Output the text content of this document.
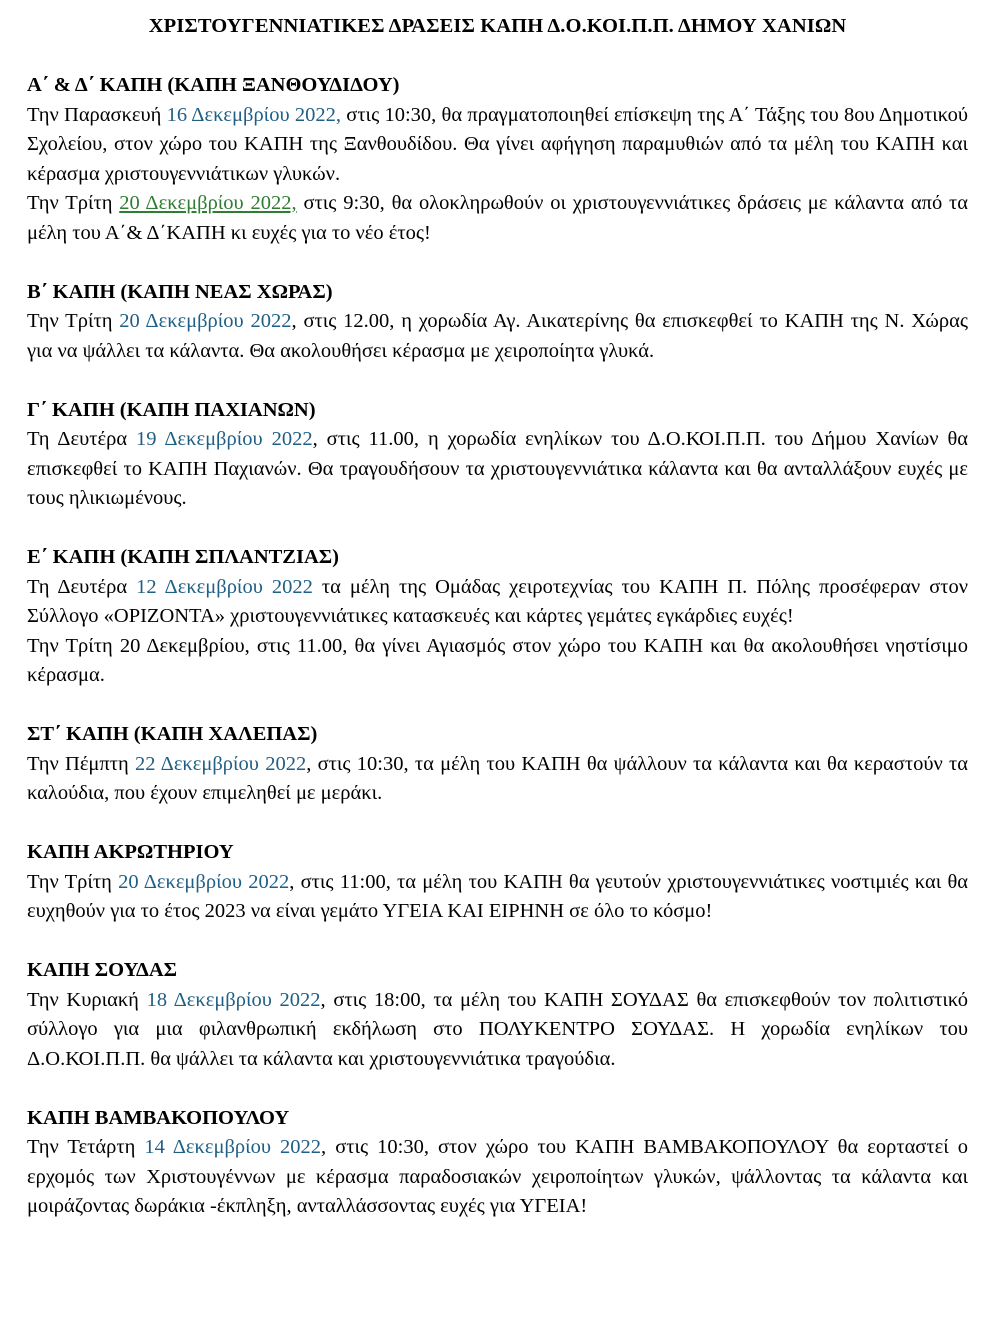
ΧΡΙΣΤΟΥΓΕΝΝΙΑΤΙΚΕΣ ΔΡΑΣΕΙΣ ΚΑΠΗ Δ.Ο.ΚΟΙ.Π.Π. ΔΗΜΟΥ ΧΑΝΙΩΝ
Α΄ & Δ΄ ΚΑΠΗ (ΚΑΠΗ ΞΑΝΘΟΥΔΙΔΟΥ)

Την Παρασκευή 16 Δεκεμβρίου 2022, στις 10:30, θα πραγματοποιηθεί επίσκεψη της Α΄ Τάξης του 8ου Δημοτικού Σχολείου, στον χώρο του ΚΑΠΗ της Ξανθουδίδου. Θα γίνει αφήγηση παραμυθιών από τα μέλη του ΚΑΠΗ και κέρασμα χριστουγεννιάτικων γλυκών.

Την Τρίτη 20 Δεκεμβρίου 2022, στις 9:30, θα ολοκληρωθούν οι χριστουγεννιάτικες δράσεις με κάλαντα από τα μέλη του Α΄& Δ΄ΚΑΠΗ κι ευχές για το νέο έτος!

Β΄ ΚΑΠΗ (ΚΑΠΗ ΝΕΑΣ ΧΩΡΑΣ)

Την Τρίτη 20 Δεκεμβρίου 2022, στις 12.00, η χορωδία Αγ. Αικατερίνης θα επισκεφθεί το ΚΑΠΗ της Ν. Χώρας για να ψάλλει τα κάλαντα. Θα ακολουθήσει κέρασμα με χειροποίητα γλυκά.

Γ΄ ΚΑΠΗ (ΚΑΠΗ ΠΑΧΙΑΝΩΝ)

Τη Δευτέρα 19 Δεκεμβρίου 2022, στις 11.00, η χορωδία ενηλίκων του Δ.Ο.ΚΟΙ.Π.Π. του Δήμου Χανίων θα επισκεφθεί το ΚΑΠΗ Παχιανών. Θα τραγουδήσουν τα χριστουγεννιάτικα κάλαντα και θα ανταλλάξουν ευχές με τους ηλικιωμένους.

Ε΄ ΚΑΠΗ (ΚΑΠΗ ΣΠΛΑΝΤΖΙΑΣ)

Τη Δευτέρα 12 Δεκεμβρίου 2022 τα μέλη της Ομάδας χειροτεχνίας του ΚΑΠΗ Π. Πόλης προσέφεραν στον Σύλλογο «ΟΡΙΖΟΝΤΑ» χριστουγεννιάτικες κατασκευές και κάρτες γεμάτες εγκάρδιες ευχές!

Την Τρίτη 20 Δεκεμβρίου, στις 11.00, θα γίνει Αγιασμός στον χώρο του ΚΑΠΗ και θα ακολουθήσει νηστίσιμο κέρασμα.

ΣΤ΄ ΚΑΠΗ (ΚΑΠΗ ΧΑΛΕΠΑΣ)

Την Πέμπτη 22 Δεκεμβρίου 2022, στις 10:30, τα μέλη του ΚΑΠΗ θα ψάλλουν τα κάλαντα και θα κεραστούν τα καλούδια, που έχουν επιμεληθεί με μεράκι.

ΚΑΠΗ ΑΚΡΩΤΗΡΙΟΥ

Την Τρίτη 20 Δεκεμβρίου 2022, στις 11:00, τα μέλη του ΚΑΠΗ θα γευτούν χριστουγεννιάτικες νοστιμιές και θα ευχηθούν για το έτος 2023 να είναι γεμάτο ΥΓΕΙΑ ΚΑΙ ΕΙΡΗΝΗ σε όλο το κόσμο!

ΚΑΠΗ ΣΟΥΔΑΣ

Την Κυριακή 18 Δεκεμβρίου 2022, στις 18:00, τα μέλη του ΚΑΠΗ ΣΟΥΔΑΣ θα επισκεφθούν τον πολιτιστικό σύλλογο για μια φιλανθρωπική εκδήλωση στο ΠΟΛΥΚΕΝΤΡΟ ΣΟΥΔΑΣ. Η χορωδία ενηλίκων του Δ.Ο.ΚΟΙ.Π.Π. θα ψάλλει τα κάλαντα και χριστουγεννιάτικα τραγούδια.

ΚΑΠΗ ΒΑΜΒΑΚΟΠΟΥΛΟΥ

Την Τετάρτη 14 Δεκεμβρίου 2022, στις 10:30, στον χώρο του ΚΑΠΗ ΒΑΜΒΑΚΟΠΟΥΛΟΥ θα εορταστεί ο ερχομός των Χριστουγέννων με κέρασμα παραδοσιακών χειροποίητων γλυκών, ψάλλοντας τα κάλαντα και μοιράζοντας δωράκια -έκπληξη, ανταλλάσσοντας ευχές για ΥΓΕΙΑ!
